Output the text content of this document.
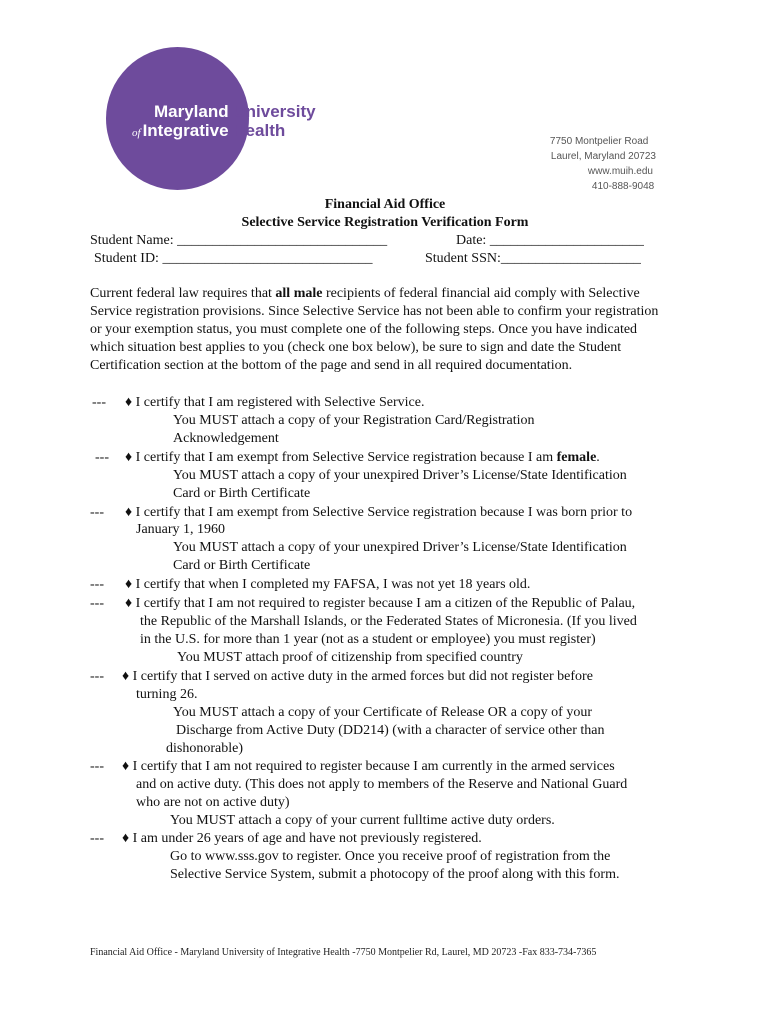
Maryland University
of Integrative Health
7750 Montpelier Road
Laurel, Maryland 20723
www.muih.edu
410-888-9048
Financial Aid Office
Selective Service Registration Verification Form
Student Name: ______________________________	Date: ______________________
Student ID: ______________________________	Student SSN:____________________
Current federal law requires that all male recipients of federal financial aid comply with Selective Service registration provisions. Since Selective Service has not been able to confirm your registration or your exemption status, you must complete one of the following steps. Once you have indicated which situation best applies to you (check one box below), be sure to sign and date the Student Certification section at the bottom of the page and send in all required documentation.
--- ♦ I certify that I am registered with Selective Service.
You MUST attach a copy of your Registration Card/Registration
Acknowledgement
--- ♦ I certify that I am exempt from Selective Service registration because I am female.
You MUST attach a copy of your unexpired Driver’s License/State Identification
Card or Birth Certificate
--- ♦ I certify that I am exempt from Selective Service registration because I was born prior to
January 1, 1960
You MUST attach a copy of your unexpired Driver’s License/State Identification
Card or Birth Certificate
--- ♦ I certify that when I completed my FAFSA, I was not yet 18 years old.
--- ♦ I certify that I am not required to register because I am a citizen of the Republic of Palau,
the Republic of the Marshall Islands, or the Federated States of Micronesia. (If you lived
in the U.S. for more than 1 year (not as a student or employee) you must register)
You MUST attach proof of citizenship from specified country
--- ♦ I certify that I served on active duty in the armed forces but did not register before
turning 26.
You MUST attach a copy of your Certificate of Release OR a copy of your
Discharge from Active Duty (DD214) (with a character of service other than
dishonorable)
--- ♦ I certify that I am not required to register because I am currently in the armed services
and on active duty. (This does not apply to members of the Reserve and National Guard
who are not on active duty)
You MUST attach a copy of your current fulltime active duty orders.
--- ♦ I am under 26 years of age and have not previously registered.
Go to www.sss.gov to register. Once you receive proof of registration from the
Selective Service System, submit a photocopy of the proof along with this form.
Financial Aid Office - Maryland University of Integrative Health -7750 Montpelier Rd, Laurel, MD 20723 -Fax 833-734-7365
